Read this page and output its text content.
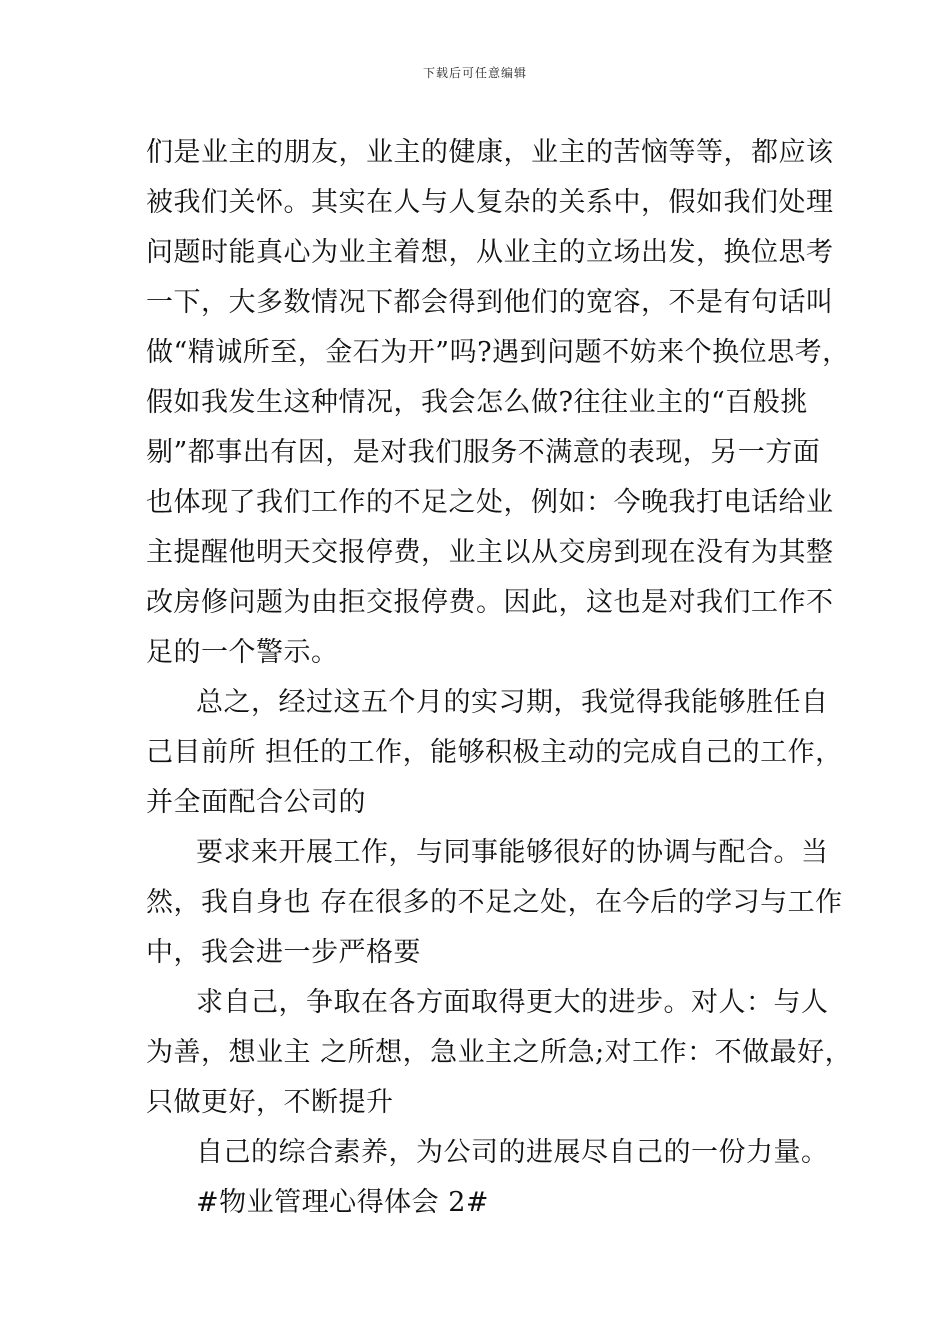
下载后可任意编辑
们是业主的朋友，业主的健康，业主的苦恼等等，都应该
被我们关怀。其实在人与人复杂的关系中，假如我们处理
问题时能真心为业主着想，从业主的立场出发，换位思考
一下，大多数情况下都会得到他们的宽容，不是有句话叫
做“精诚所至，金石为开”吗?遇到问题不妨来个换位思考，
假如我发生这种情况，我会怎么做?往往业主的“百般挑
剔”都事出有因，是对我们服务不满意的表现，另一方面
也体现了我们工作的不足之处，例如：今晚我打电话给业
主提醒他明天交报停费，业主以从交房到现在没有为其整
改房修问题为由拒交报停费。因此，这也是对我们工作不
足的一个警示。
总之，经过这五个月的实习期，我觉得我能够胜任自
己目前所 担任的工作，能够积极主动的完成自己的工作，
并全面配合公司的
要求来开展工作，与同事能够很好的协调与配合。当
然，我自身也 存在很多的不足之处，在今后的学习与工作
中，我会进一步严格要
求自己，争取在各方面取得更大的进步。对人：与人
为善，想业主 之所想，急业主之所急;对工作：不做最好，
只做更好，不断提升
自己的综合素养，为公司的进展尽自己的一份力量。
#物业管理心得体会 2#
